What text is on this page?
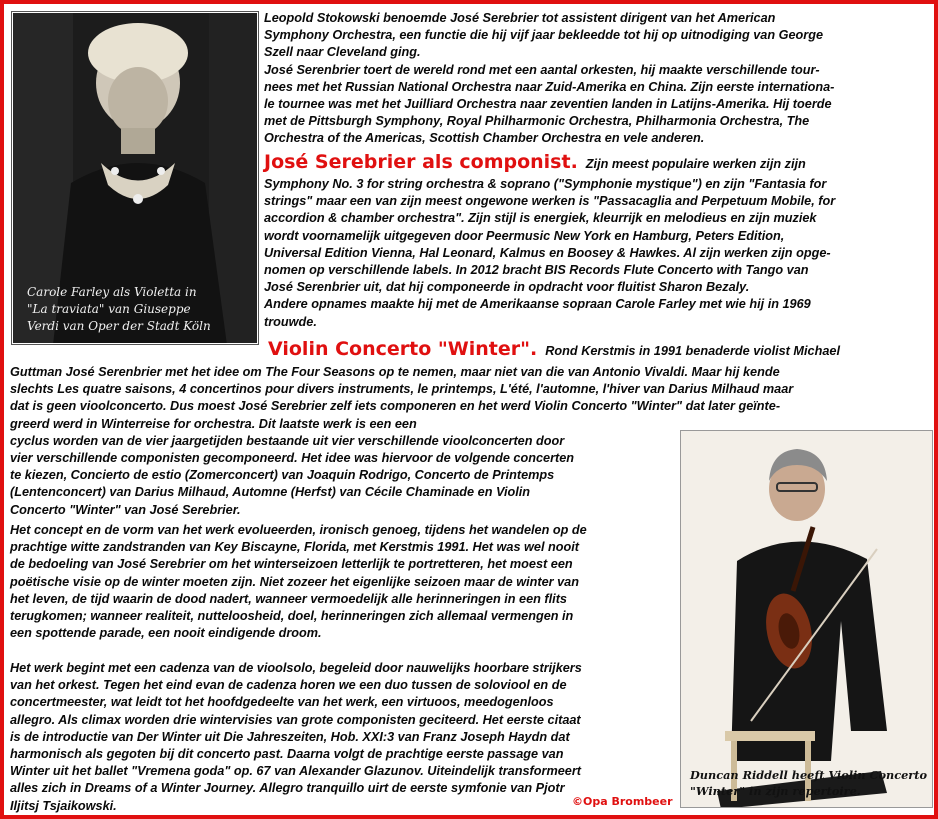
Carole Farley als Violetta in
"La traviata" van Giuseppe
Verdi van Oper der Stadt Köln
Leopold Stokowski benoemde José Serebrier tot assistent dirigent van het American
Symphony Orchestra, een functie die hij vijf jaar bekleedde tot hij op uitnodiging van George
Szell naar Cleveland ging.
José Serenbrier toert de wereld rond met een aantal orkesten, hij maakte verschillende tour-
nees met het Russian National Orchestra naar Zuid-Amerika en China. Zijn eerste internationa-
le tournee was met het Juilliard Orchestra naar zeventien landen in Latijns-Amerika. Hij toerde
met de Pittsburgh Symphony, Royal Philharmonic Orchestra, Philharmonia Orchestra, The
Orchestra of the Americas, Scottish Chamber Orchestra en vele anderen.
José Serebrier als componist. Zijn meest populaire werken zijn zijn
Symphony No. 3 for string orchestra & soprano ("Symphonie mystique") en zijn "Fantasia for
strings" maar een van zijn meest ongewone werken is "Passacaglia and Perpetuum Mobile, for
accordion & chamber orchestra". Zijn stijl is energiek, kleurrijk en melodieus en zijn muziek
wordt voornamelijk uitgegeven door Peermusic New York en Hamburg, Peters Edition,
Universal Edition Vienna, Hal Leonard, Kalmus en Boosey & Hawkes. Al zijn werken zijn opge-
nomen op verschillende labels. In 2012 bracht BIS Records Flute Concerto with Tango van
José Serenbrier uit, dat hij componeerde in opdracht voor fluitist Sharon Bezaly.
Andere opnames maakte hij met de Amerikaanse sopraan Carole Farley met wie hij in 1969
trouwde.
Violin Concerto "Winter". Rond Kerstmis in 1991 benaderde violist Michael
Guttman José Serenbrier met het idee om The Four Seasons op te nemen, maar niet van die van Antonio Vivaldi. Maar hij kende
slechts Les quatre saisons, 4 concertinos pour divers instruments, le printemps, L'été, l'automne, l'hiver van Darius Milhaud maar
dat is geen vioolconcerto. Dus moest José Serebrier zelf iets componeren en het werd Violin Concerto "Winter" dat later geïnte-
greerd werd in Winterreise for orchestra. Dit laatste werk is een een
cyclus worden van de vier jaargetijden bestaande uit vier verschillende vioolconcerten door
vier verschillende componisten gecomponeerd. Het idee was hiervoor de volgende concerten
te kiezen, Concierto de estio (Zomerconcert) van Joaquin Rodrigo, Concerto de Printemps
(Lentenconcert) van Darius Milhaud, Automne (Herfst) van Cécile Chaminade en Violin
Concerto "Winter" van José Serebrier.
Het concept en de vorm van het werk evolueerden, ironisch genoeg, tijdens het wandelen op de
prachtige witte zandstranden van Key Biscayne, Florida, met Kerstmis 1991. Het was wel nooit
de bedoeling van José Serebrier om het winterseizoen letterlijk te portretteren, het moest een
poëtische visie op de winter moeten zijn. Niet zozeer het eigenlijke seizoen maar de winter van
het leven, de tijd waarin de dood nadert, wanneer vermoedelijk alle herinneringen in een flits
terugkomen; wanneer realiteit, nutteloosheid, doel, herinneringen zich allemaal vermengen in
een spottende parade, een nooit eindigende droom.
Het werk begint met een cadenza van de vioolsolo, begeleid door nauwelijks hoorbare strijkers
van het orkest. Tegen het eind evan de cadenza horen we een duo tussen de soloviool en de
concertmeester, wat leidt tot het hoofdgedeelte van het werk, een virtuoos, meedogenloos
allegro. Als climax worden drie wintervisies van grote componisten geciteerd. Het eerste citaat
is de introductie van Der Winter uit Die Jahreszeiten, Hob. XXI:3 van Franz Joseph Haydn dat
harmonisch als gegoten bij dit concerto past. Daarna volgt de prachtige eerste passage van
Winter uit het ballet "Vremena goda" op. 67 van Alexander Glazunov. Uiteindelijk transformeert
alles zich in Dreams of a Winter Journey. Allegro tranquillo uirt de eerste symfonie van Pjotr
Iljitsj Tsjaikowski.
Duncan Riddell heeft Violin Concerto
"Winter" in zijn repertoire.
©Opa Brombeer
